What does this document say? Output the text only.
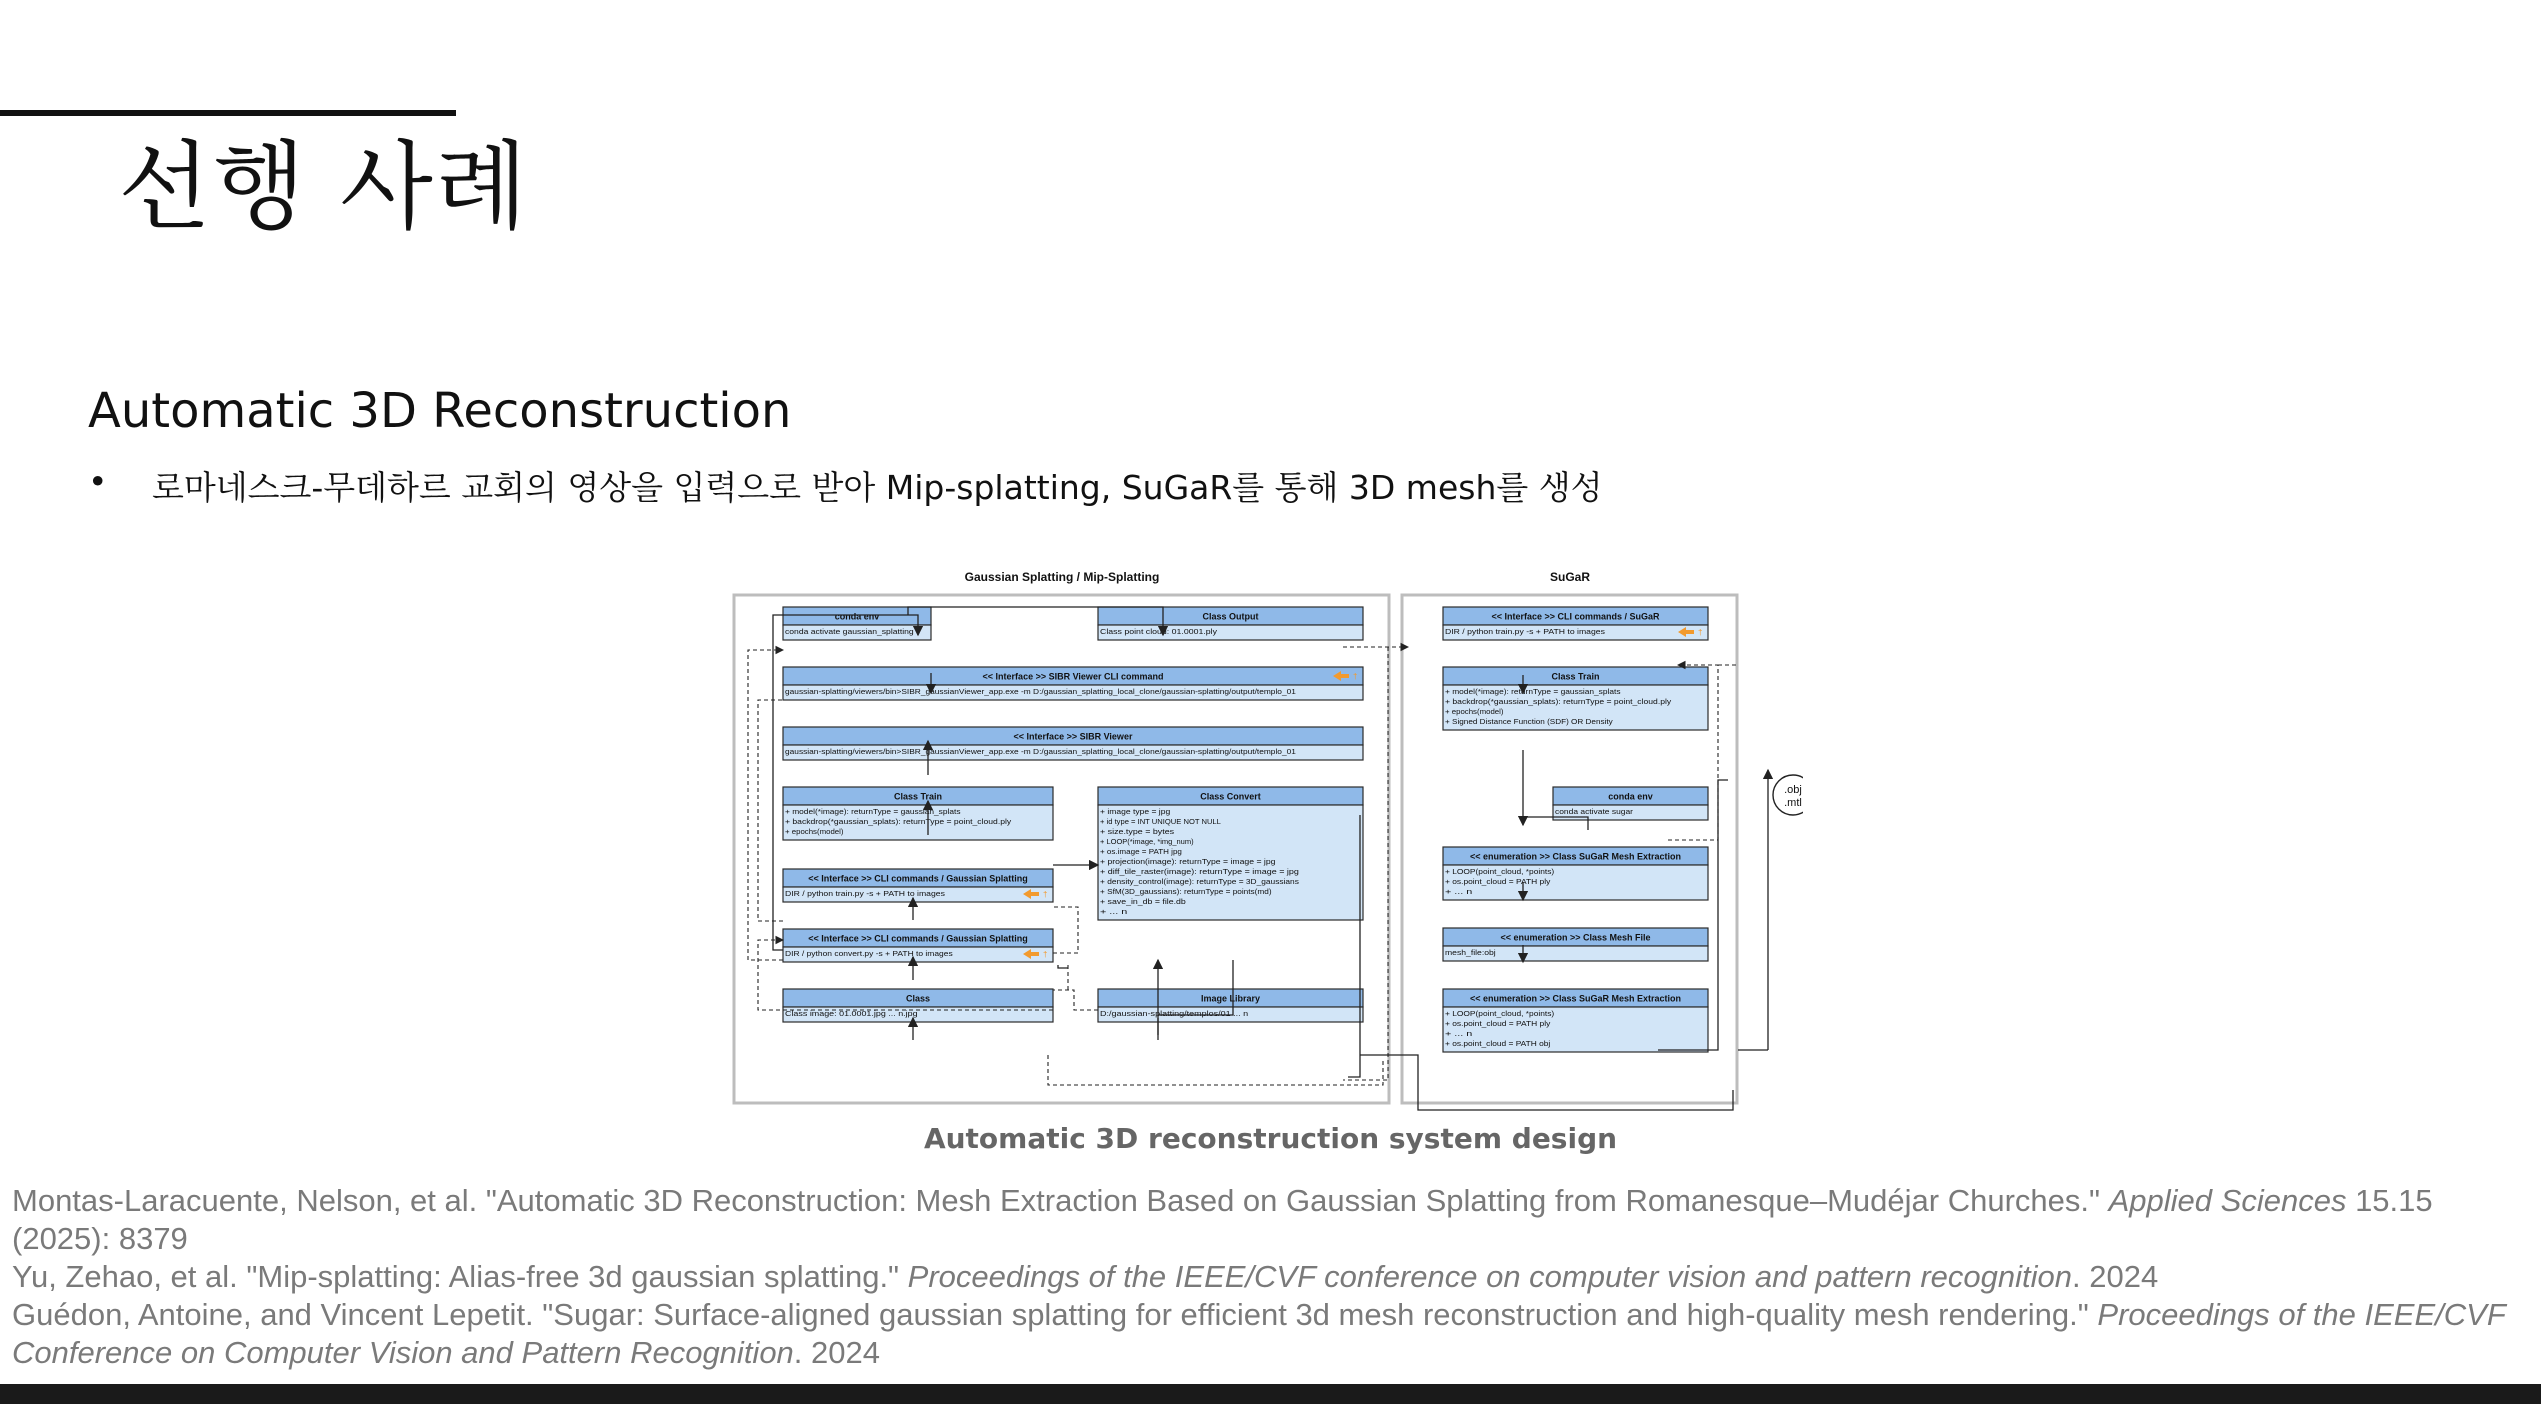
선행 사례
Automatic 3D Reconstruction
•	로마네스크-무데하르 교회의 영상을 입력으로 받아 Mip-splatting, SuGaR를 통해 3D mesh를 생성
Gaussian Splatting / Mip-Splatting	SuGaR
conda env
conda activate gaussian_splatting
Class Output
Class point cloud: 01.0001.ply
<< Interface >> SIBR Viewer CLI command
gaussian-splatting/viewers/bin>SIBR_gaussianViewer_app.exe -m D:/gaussian_splatting_local_clone/gaussian-splatting/output/templo_01
†
<< Interface >> SIBR Viewer
gaussian-splatting/viewers/bin>SIBR_gaussianViewer_app.exe -m D:/gaussian_splatting_local_clone/gaussian-splatting/output/templo_01
Class Train
+ model(*image): returnType = gaussian_splats
+ backdrop(*gaussian_splats): returnType = point_cloud.ply
+ epochs(model)
Class Convert
+ image type = jpg
+ id type = INT UNIQUE NOT NULL
+ size.type = bytes
+ LOOP(*image, *img_num)
+ os.image = PATH jpg
+ projection(image): returnType = image = jpg
+ diff_tile_raster(image): returnType = image = jpg
+ density_control(image): returnType = 3D_gaussians
+ SfM(3D_gaussians): returnType = points(md)
+ save_in_db = file.db
+ ... n
<< Interface >> CLI commands / Gaussian Splatting
DIR / python train.py -s + PATH to images	†
<< Interface >> CLI commands / Gaussian Splatting
DIR / python convert.py -s + PATH to images	†
Class
Class image: 01.0001.jpg ... n.jpg
Image Library
D:/gaussian-splatting/templos/01 ... n
<< Interface >> CLI commands / SuGaR
DIR / python train.py -s + PATH to images	†
Class Train
+ model(*image): returnType = gaussian_splats
+ backdrop(*gaussian_splats): returnType = point_cloud.ply
+ epochs(model)
+ Signed Distance Function (SDF) OR Density
conda env
conda activate sugar
<< enumeration >> Class SuGaR Mesh Extraction
+ LOOP(point_cloud, *points)
+ os.point_cloud = PATH ply
+ ... n
<< enumeration >> Class Mesh File
mesh_file:obj
<< enumeration >> Class SuGaR Mesh Extraction
+ LOOP(point_cloud, *points)
+ os.point_cloud = PATH ply
+ ... n
+ os.point_cloud = PATH obj
.obj
.mtl
Automatic 3D reconstruction system design

Montas-Laracuente, Nelson, et al. "Automatic 3D Reconstruction: Mesh Extraction Based on Gaussian Splatting from Romanesque–Mudéjar Churches." Applied Sciences 15.15 (2025): 8379

Yu, Zehao, et al. "Mip-splatting: Alias-free 3d gaussian splatting." Proceedings of the IEEE/CVF conference on computer vision and pattern recognition. 2024

Guédon, Antoine, and Vincent Lepetit. "Sugar: Surface-aligned gaussian splatting for efficient 3d mesh reconstruction and high-quality mesh rendering." Proceedings of the IEEE/CVF Conference on Computer Vision and Pattern Recognition. 2024
